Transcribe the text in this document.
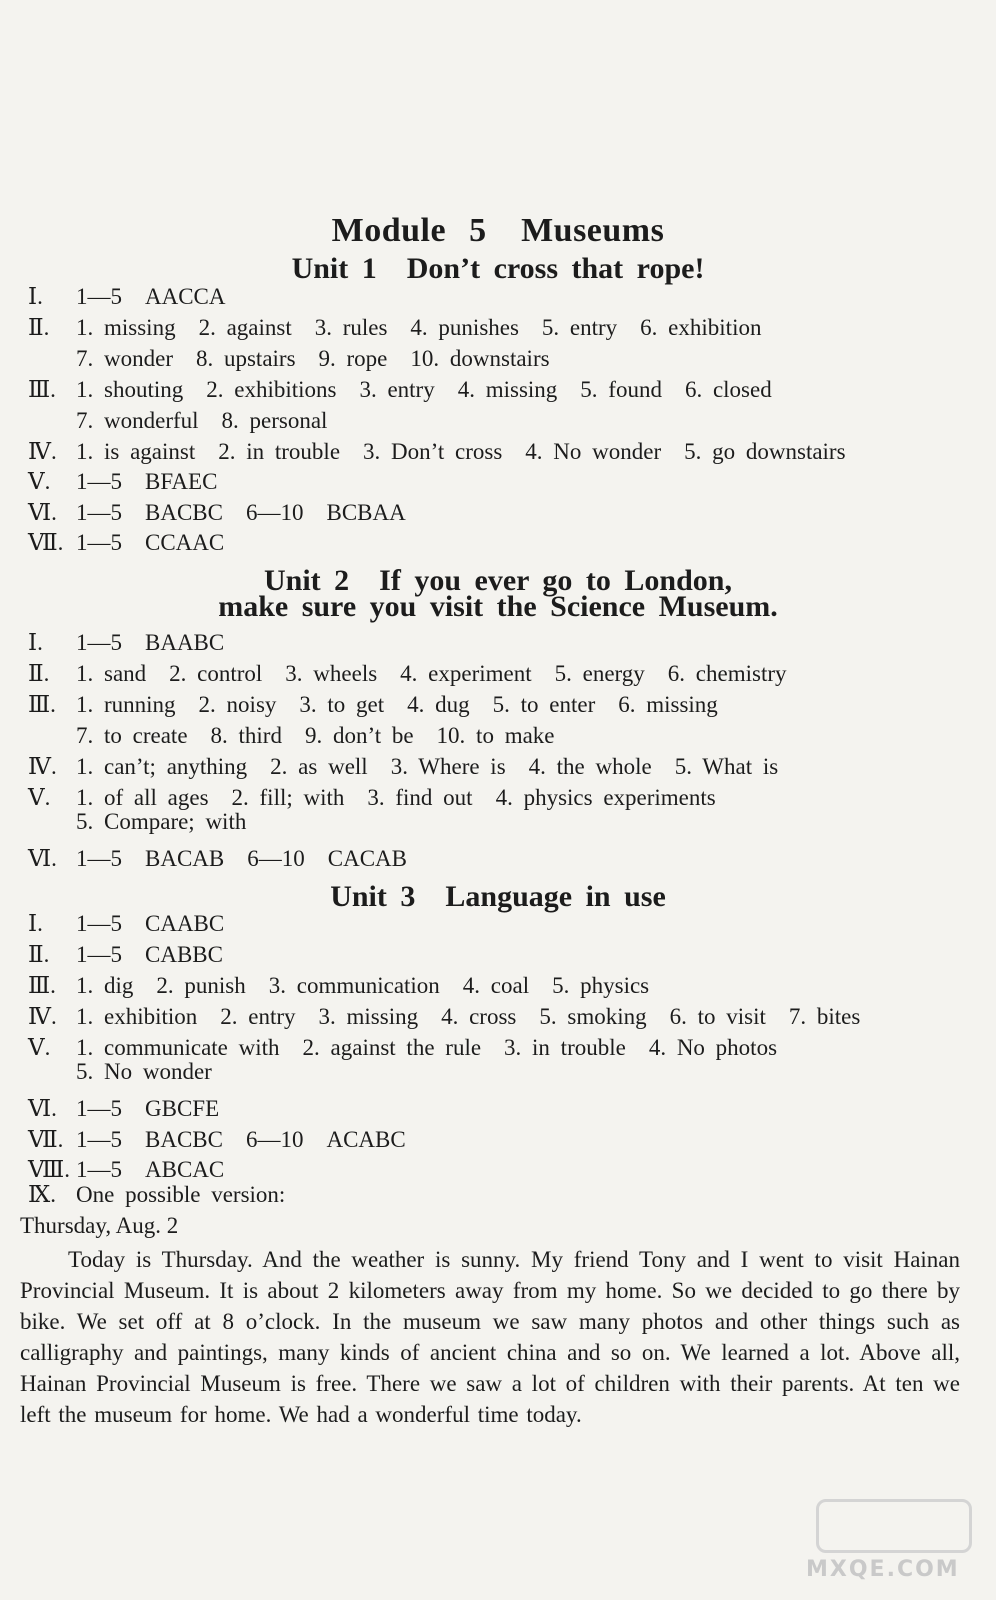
Module 5　Museums
Unit 1　Don’t cross that rope!
Ⅰ. 1—5　AACCA
Ⅱ. 1. missing　2. against　3. rules　4. punishes　5. entry　6. exhibition
7. wonder　8. upstairs　9. rope　10. downstairs
Ⅲ. 1. shouting　2. exhibitions　3. entry　4. missing　5. found　6. closed
7. wonderful　8. personal
Ⅳ. 1. is against　2. in trouble　3. Don’t cross　4. No wonder　5. go downstairs
Ⅴ. 1—5　BFAEC
Ⅵ. 1—5　BACBC　6—10　BCBAA
Ⅶ. 1—5　CCAAC
Unit 2　If you ever go to London,
make sure you visit the Science Museum.
Ⅰ. 1—5　BAABC
Ⅱ. 1. sand　2. control　3. wheels　4. experiment　5. energy　6. chemistry
Ⅲ. 1. running　2. noisy　3. to get　4. dug　5. to enter　6. missing
7. to create　8. third　9. don’t be　10. to make
Ⅳ. 1. can’t; anything　2. as well　3. Where is　4. the whole　5. What is
Ⅴ. 1. of all ages　2. fill; with　3. find out　4. physics experiments
5. Compare; with
Ⅵ. 1—5　BACAB　6—10　CACAB
Unit 3　Language in use
Ⅰ. 1—5　CAABC
Ⅱ. 1—5　CABBC
Ⅲ. 1. dig　2. punish　3. communication　4. coal　5. physics
Ⅳ. 1. exhibition　2. entry　3. missing　4. cross　5. smoking　6. to visit　7. bites
Ⅴ. 1. communicate with　2. against the rule　3. in trouble　4. No photos
5. No wonder
Ⅵ. 1—5　GBCFE
Ⅶ. 1—5　BACBC　6—10　ACABC
Ⅷ. 1—5　ABCAC
Ⅸ. One possible version:
Thursday, Aug. 2
Today is Thursday. And the weather is sunny. My friend Tony and I went to visit Hainan Provincial Museum. It is about 2 kilometers away from my home. So we decided to go there by bike. We set off at 8 o’clock. In the museum we saw many photos and other things such as calligraphy and paintings, many kinds of ancient china and so on. We learned a lot. Above all, Hainan Provincial Museum is free. There we saw a lot of children with their parents. At ten we left the museum for home. We had a wonderful time today.
MXQE.COM
